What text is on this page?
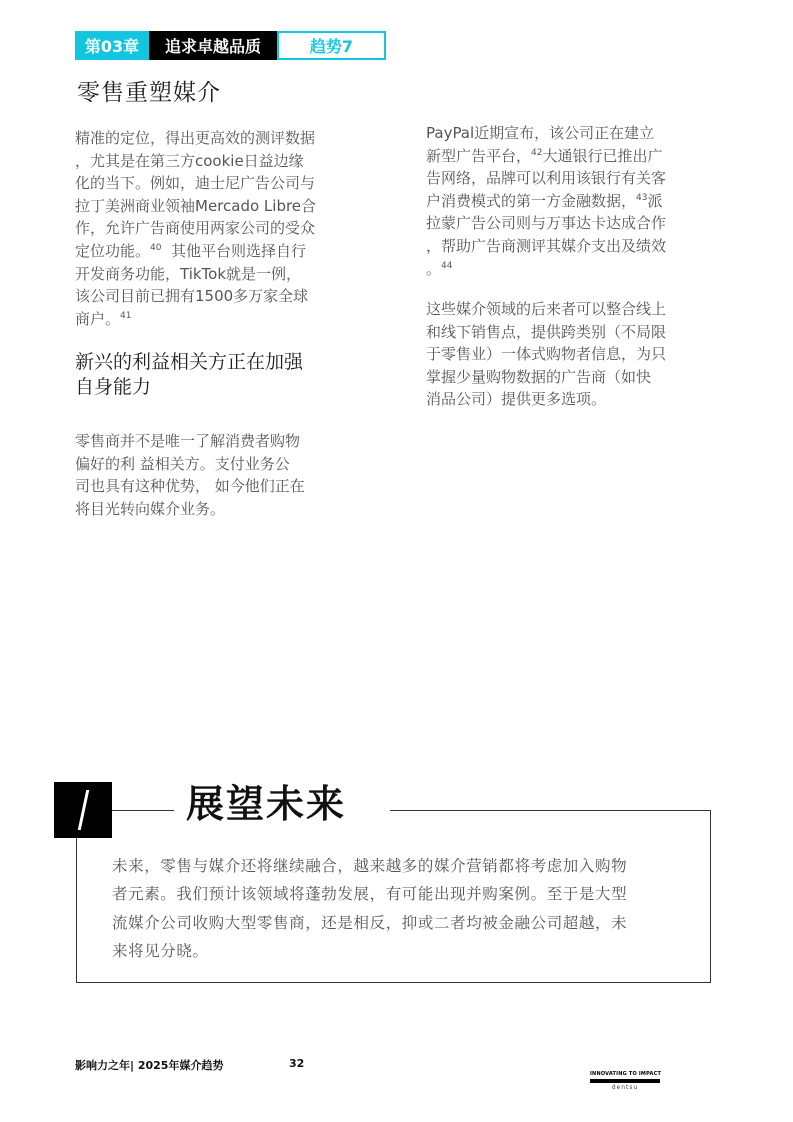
第03章	追求卓越品质	趋势7
零售重塑媒介
精准的定位，得出更高效的测评数据
，尤其是在第三方cookie日益边缘
化的当下。例如，迪士尼广告公司与
拉丁美洲商业领袖Mercado Libre合
作，允许广告商使用两家公司的受众
定位功能。$^{40}$ 其他平台则选择自行
开发商务功能，TikTok就是一例，
该公司目前已拥有1500多万家全球
商户。$^{41}$
新兴的利益相关方正在加强
自身能力
零售商并不是唯一了解消费者购物
偏好的利 益相关方。支付业务公
司也具有这种优势， 如今他们正在
将目光转向媒介业务。
PayPal近期宣布，该公司正在建立
新型广告平台，$^{42}$大通银行已推出广
告网络，品牌可以利用该银行有关客
户消费模式的第一方金融数据，$^{43}$派
拉蒙广告公司则与万事达卡达成合作
，帮助广告商测评其媒介支出及绩效
。$^{44}$
这些媒介领域的后来者可以整合线上
和线下销售点，提供跨类别（不局限
于零售业）一体式购物者信息，为只
掌握少量购物数据的广告商（如快
消品公司）提供更多选项。
展望未来
未来，零售与媒介还将继续融合，越来越多的媒介营销都将考虑加入购物
者元素。我们预计该领域将蓬勃发展，有可能出现并购案例。至于是大型
流媒介公司收购大型零售商，还是相反，抑或二者均被金融公司超越，未
来将见分晓。
影响力之年| 2025年媒介趋势	32
INNOVATING TO IMPACT
dentsu
